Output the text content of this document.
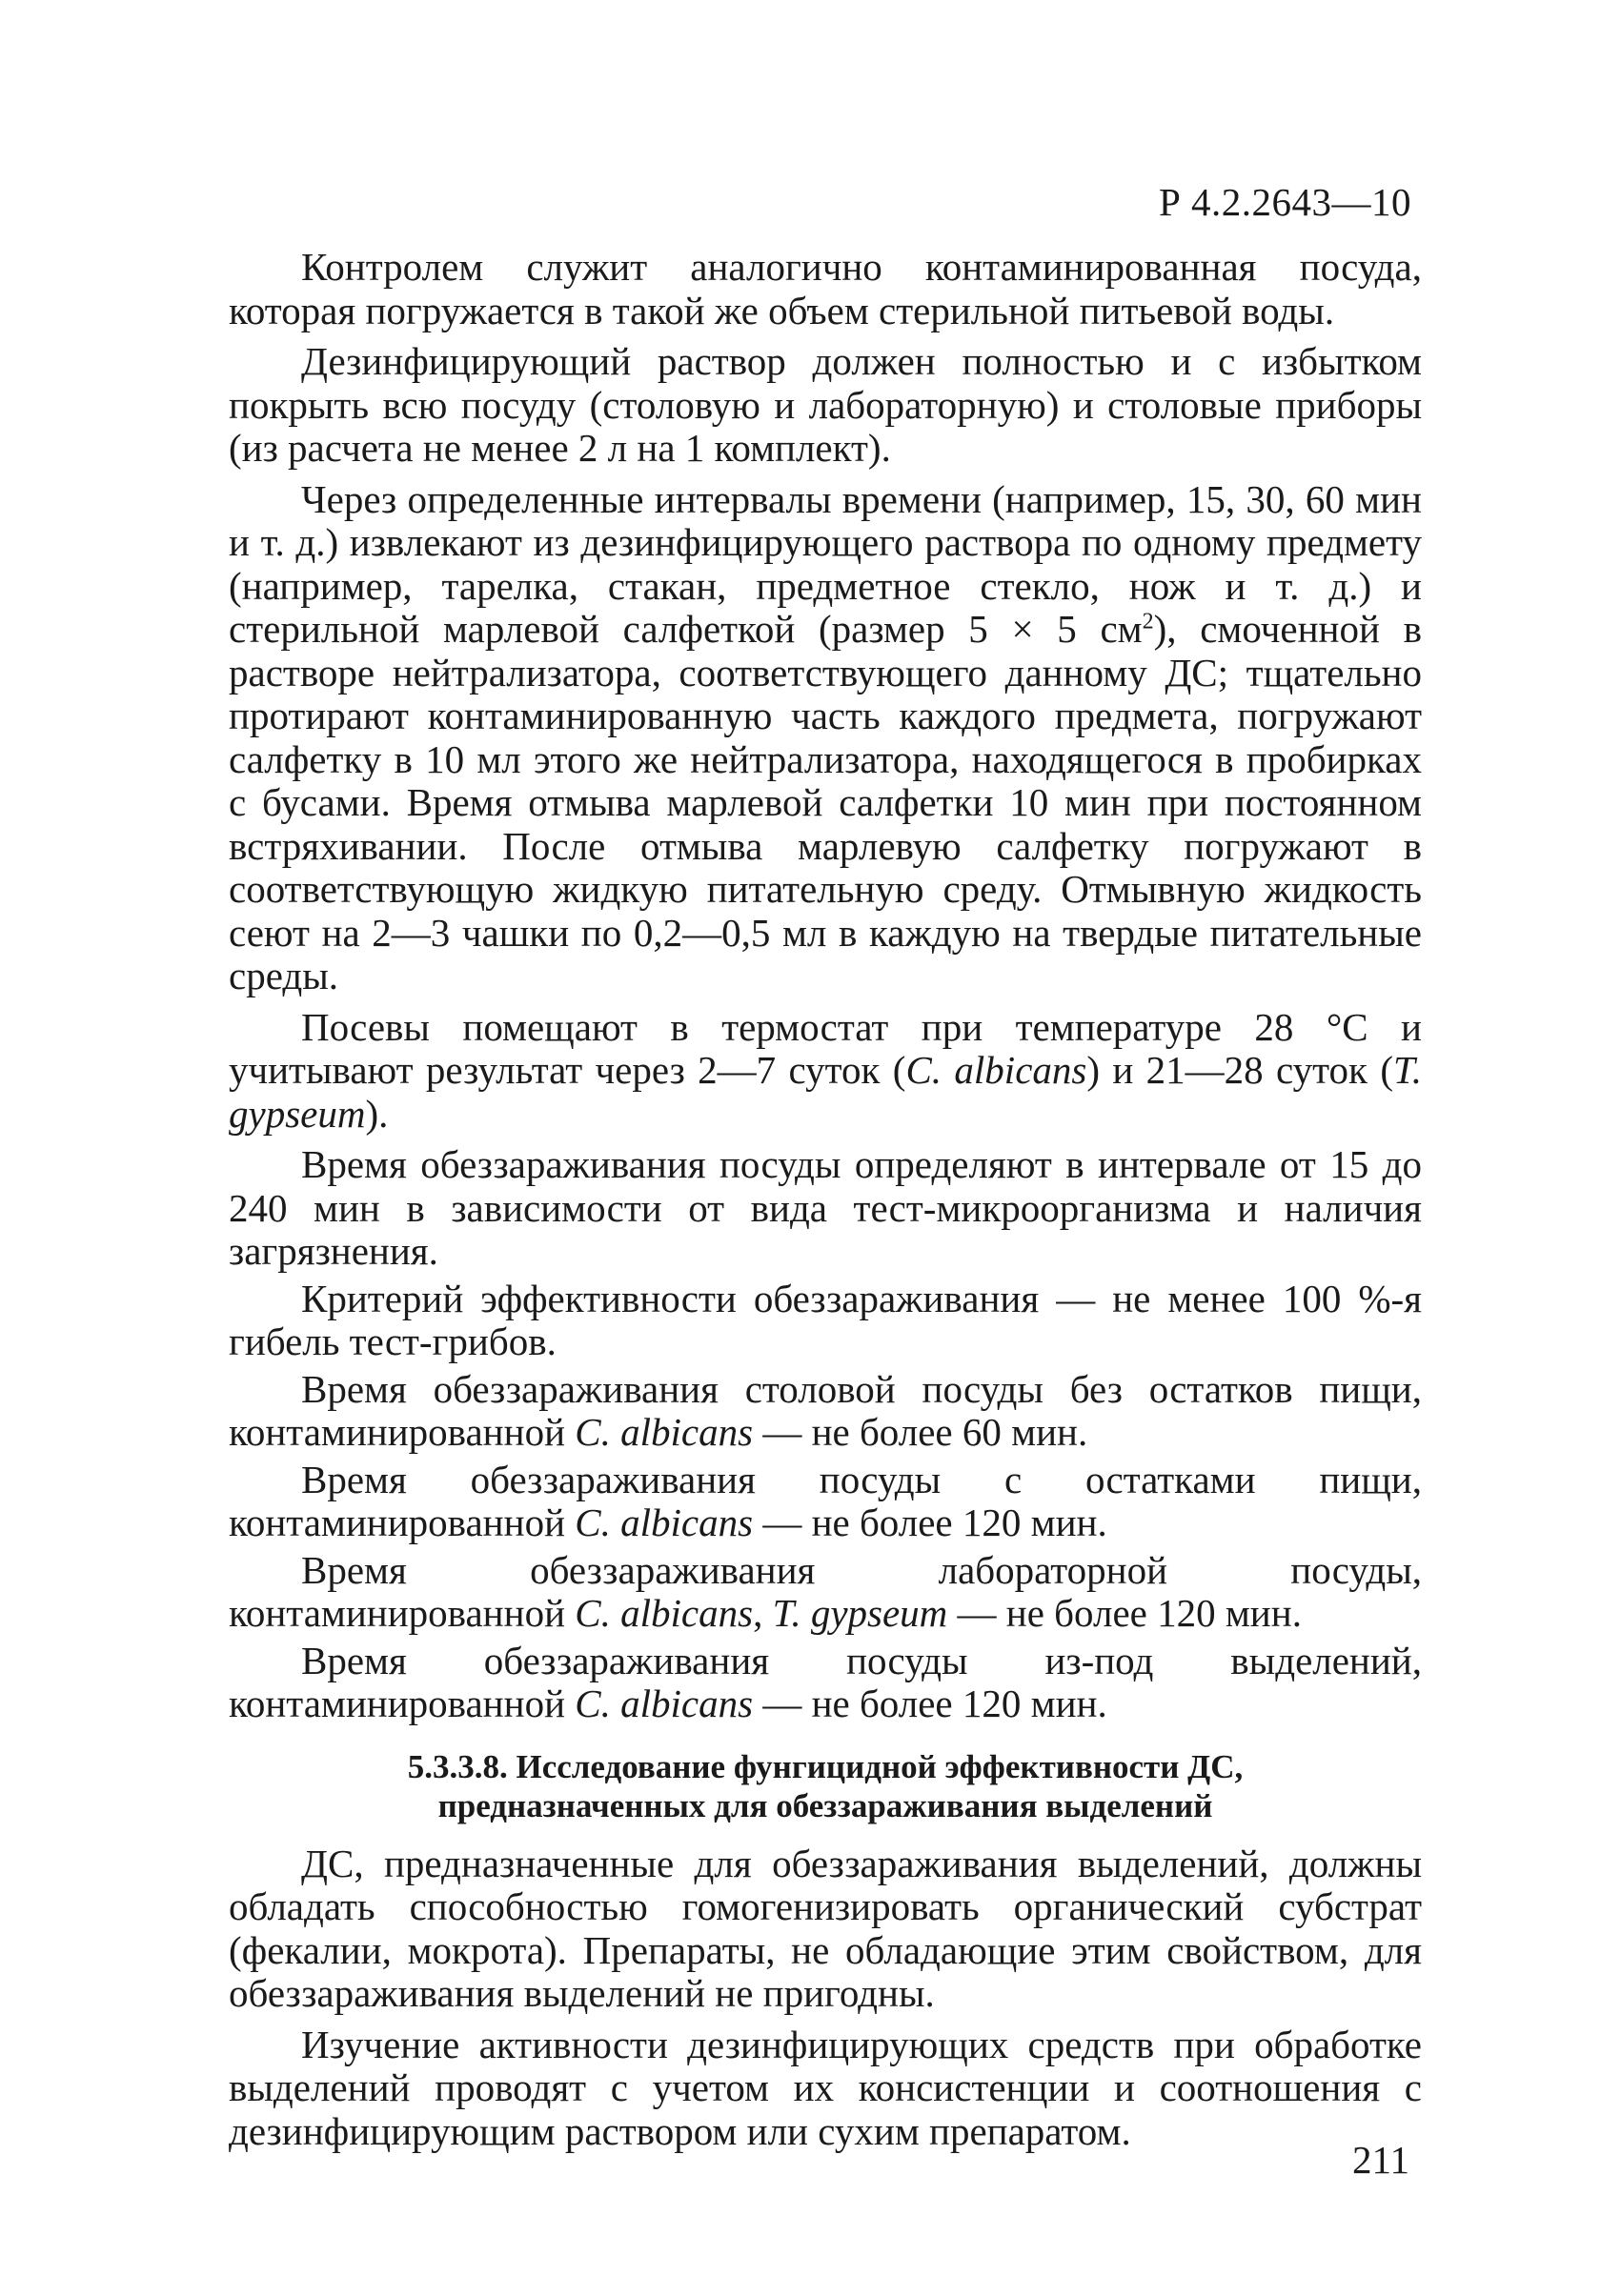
Р 4.2.2643—10

Контролем служит аналогично контаминированная посуда, которая погружается в такой же объем стерильной питьевой воды.

Дезинфицирующий раствор должен полностью и с избытком покрыть всю посуду (столовую и лабораторную) и столовые приборы (из расчета не менее 2 л на 1 комплект).

Через определенные интервалы времени (например, 15, 30, 60 мин и т. д.) извлекают из дезинфицирующего раствора по одному предмету (например, тарелка, стакан, предметное стекло, нож и т. д.) и стерильной марлевой салфеткой (размер 5 × 5 $см^2$), смоченной в растворе нейтрализатора, соответствующего данному ДС; тщательно протирают контаминированную часть каждого предмета, погружают салфетку в 10 мл этого же нейтрализатора, находящегося в пробирках с бусами. Время отмыва марлевой салфетки 10 мин при постоянном встряхивании. После отмыва марлевую салфетку погружают в соответствующую жидкую питательную среду. Отмывную жидкость сеют на 2—3 чашки по 0,2—0,5 мл в каждую на твердые питательные среды.

Посевы помещают в термостат при температуре 28 °С и учитывают результат через 2—7 суток (C. albicans) и 21—28 суток (T. gypseum).

Время обеззараживания посуды определяют в интервале от 15 до 240 мин в зависимости от вида тест-микроорганизма и наличия загрязнения.

Критерий эффективности обеззараживания — не менее 100 %-я гибель тест-грибов.

Время обеззараживания столовой посуды без остатков пищи, контаминированной C. albicans — не более 60 мин.

Время обеззараживания посуды с остатками пищи, контаминированной C. albicans — не более 120 мин.

Время обеззараживания лабораторной посуды, контаминированной C. albicans, T. gypseum — не более 120 мин.

Время обеззараживания посуды из-под выделений, контаминированной C. albicans — не более 120 мин.

5.3.3.8. Исследование фунгицидной эффективности ДС, предназначенных для обеззараживания выделений

ДС, предназначенные для обеззараживания выделений, должны обладать способностью гомогенизировать органический субстрат (фекалии, мокрота). Препараты, не обладающие этим свойством, для обеззараживания выделений не пригодны.

Изучение активности дезинфицирующих средств при обработке выделений проводят с учетом их консистенции и соотношения с дезинфицирующим раствором или сухим препаратом.

211
